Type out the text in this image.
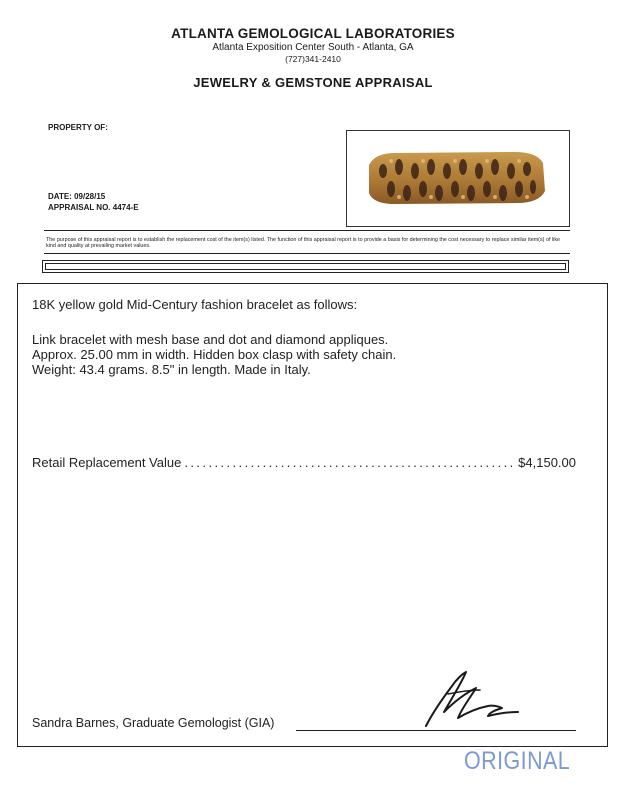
ATLANTA GEMOLOGICAL LABORATORIES
Atlanta Exposition Center South - Atlanta, GA
(727)341-2410
JEWELRY & GEMSTONE APPRAISAL
PROPERTY OF:
DATE: 09/28/15
APPRAISAL NO. 4474-E
The purpose of this appraisal report is to establish the replacement cost of the item(s) listed. The function of this appraisal report is to provide a basis for determining the cost necessary to replace similar item(s) of like kind and quality at prevailing market values.
18K yellow gold Mid-Century fashion bracelet as follows:
Link bracelet with mesh base and dot and diamond appliques.
Approx. 25.00 mm in width. Hidden box clasp with safety chain.
Weight: 43.4 grams. 8.5" in length. Made in Italy.
Retail Replacement Value
. . .	$4,150.00
Sandra Barnes, Graduate Gemologist (GIA)
ORIGINAL
